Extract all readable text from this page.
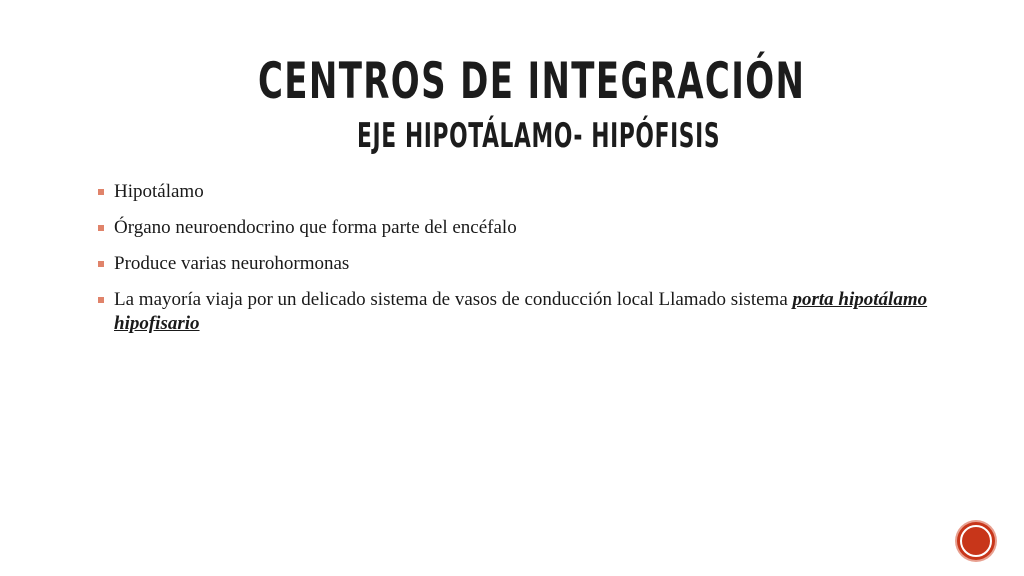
CENTROS DE INTEGRACIÓN
EJE HIPOTÁLAMO- HIPÓFISIS
Hipotálamo
Órgano neuroendocrino que forma parte del encéfalo
Produce varias neurohormonas
La mayoría viaja por un delicado sistema de vasos de conducción local Llamado sistema porta hipotálamo hipofisario
